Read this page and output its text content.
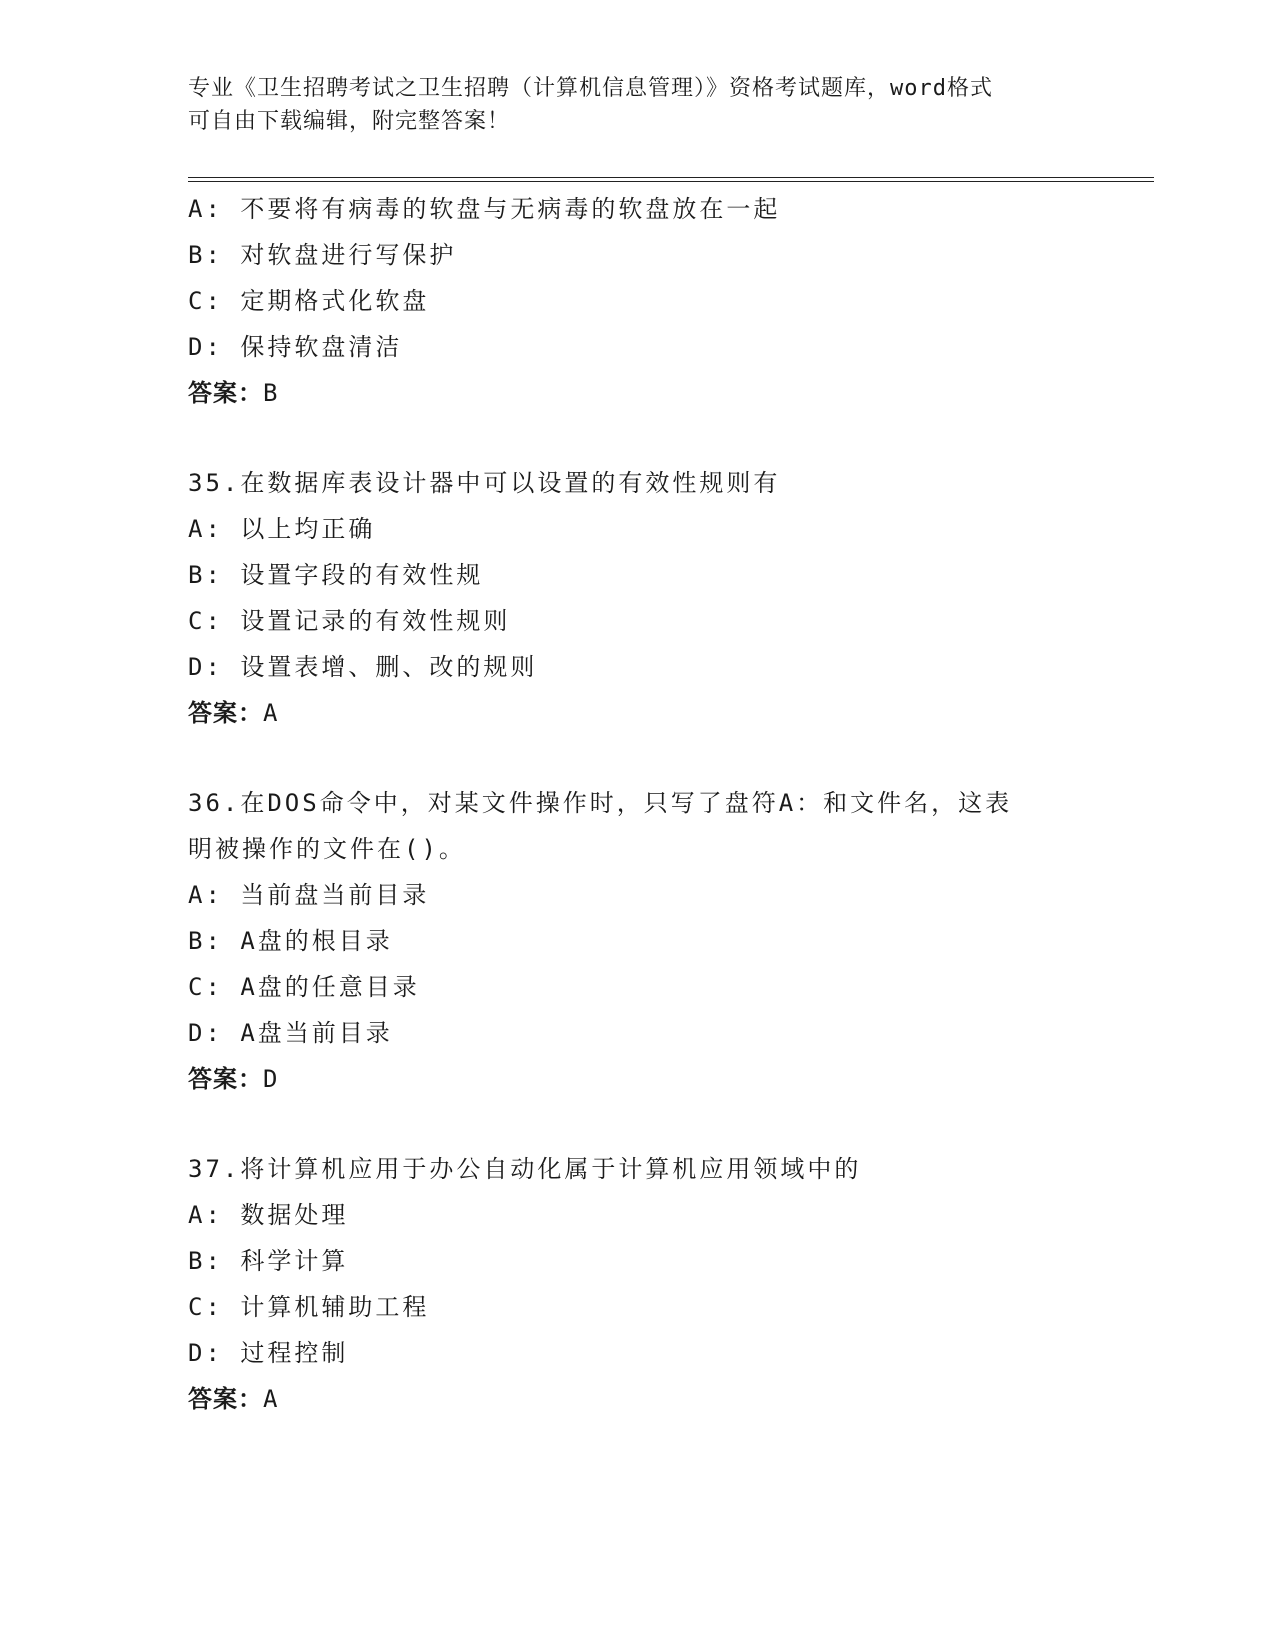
专业《卫生招聘考试之卫生招聘（计算机信息管理）》资格考试题库，word格式
可自由下载编辑，附完整答案！
A: 不要将有病毒的软盘与无病毒的软盘放在一起
B: 对软盘进行写保护
C: 定期格式化软盘
D: 保持软盘清洁
答案：B
35.在数据库表设计器中可以设置的有效性规则有
A: 以上均正确
B: 设置字段的有效性规
C: 设置记录的有效性规则
D: 设置表增、删、改的规则
答案：A
36.在DOS命令中，对某文件操作时，只写了盘符A：和文件名，这表
明被操作的文件在()。
A: 当前盘当前目录
B: A盘的根目录
C: A盘的任意目录
D: A盘当前目录
答案：D
37.将计算机应用于办公自动化属于计算机应用领域中的
A: 数据处理
B: 科学计算
C: 计算机辅助工程
D: 过程控制
答案：A
